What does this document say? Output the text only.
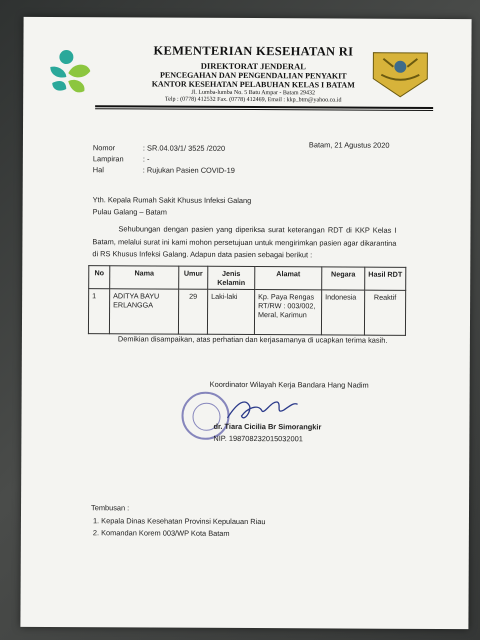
KEMENTERIAN KESEHATAN RI
DIREKTORAT JENDERAL
PENCEGAHAN DAN PENGENDALIAN PENYAKIT
KANTOR KESEHATAN PELABUHAN KELAS I BATAM
Jl. Lumba-lumba No. 5 Batu Ampar - Batam 29432
Telp : (0778) 412532 Fax. (0778) 412469, Email : kkp_btm@yahoo.co.id
Nomor	: SR.04.03/1/ 3525 /2020	Batam, 21 Agustus 2020
Lampiran	: -
Hal	: Rujukan Pasien COVID-19
Yth. Kepala Rumah Sakit Khusus Infeksi Galang
Pulau Galang – Batam
Sehubungan dengan pasien yang diperiksa surat keterangan RDT di KKP Kelas I Batam, melalui surat ini kami mohon persetujuan untuk mengirimkan pasien agar dikarantina di RS Khusus Infeksi Galang. Adapun data pasien sebagai berikut :
No	Nama	Umur	Jenis Kelamin	Alamat	Negara	Hasil RDT
1	ADITYA BAYU ERLANGGA	29	Laki-laki	Kp. Paya Rengas RT/RW : 003/002, Meral, Karimun	Indonesia	Reaktif
Demikian disampaikan, atas perhatian dan kerjasamanya di ucapkan terima kasih.
Koordinator Wilayah Kerja Bandara Hang Nadim
dr. Tiara Cicilia Br Simorangkir
NIP. 198708232015032001
Tembusan :
1. Kepala Dinas Kesehatan Provinsi Kepulauan Riau
2. Komandan Korem 003/WP Kota Batam
